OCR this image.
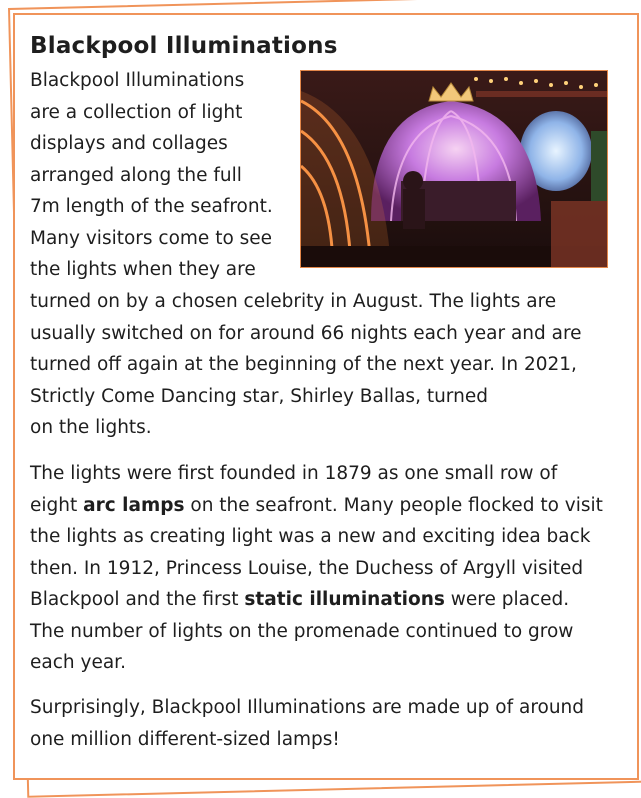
Blackpool Illuminations
Blackpool Illuminations
are a collection of light
displays and collages
arranged along the full
7m length of the seafront.
Many visitors come to see
the lights when they are
turned on by a chosen celebrity in August. The lights are
usually switched on for around 66 nights each year and are
turned off again at the beginning of the next year. In 2021,
Strictly Come Dancing star, Shirley Ballas, turned
on the lights.
The lights were first founded in 1879 as one small row of
eight arc lamps on the seafront. Many people flocked to visit
the lights as creating light was a new and exciting idea back
then. In 1912, Princess Louise, the Duchess of Argyll visited
Blackpool and the first static illuminations were placed.
The number of lights on the promenade continued to grow
each year.
Surprisingly, Blackpool Illuminations are made up of around
one million different-sized lamps!
